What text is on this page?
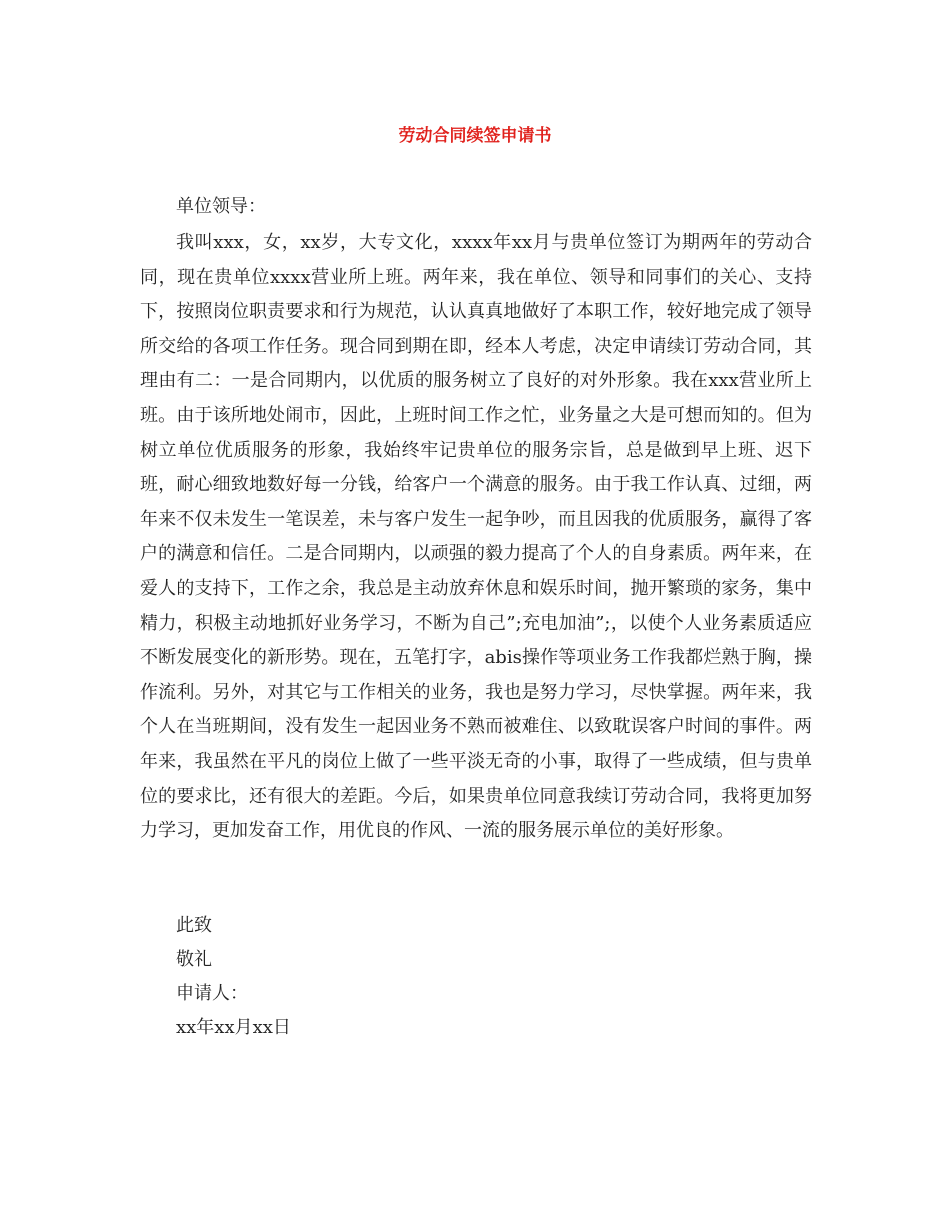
劳动合同续签申请书

单位领导：

我叫xxx，女，xx岁，大专文化，xxxx年xx月与贵单位签订为期两年的劳动合同，现在贵单位xxxx营业所上班。两年来，我在单位、领导和同事们的关心、支持下，按照岗位职责要求和行为规范，认认真真地做好了本职工作，较好地完成了领导所交给的各项工作任务。现合同到期在即，经本人考虑，决定申请续订劳动合同，其理由有二：一是合同期内，以优质的服务树立了良好的对外形象。我在xxx营业所上班。由于该所地处闹市，因此，上班时间工作之忙，业务量之大是可想而知的。但为树立单位优质服务的形象，我始终牢记贵单位的服务宗旨，总是做到早上班、迟下班，耐心细致地数好每一分钱，给客户一个满意的服务。由于我工作认真、过细，两年来不仅未发生一笔误差，未与客户发生一起争吵，而且因我的优质服务，赢得了客户的满意和信任。二是合同期内，以顽强的毅力提高了个人的自身素质。两年来，在爱人的支持下，工作之余，我总是主动放弃休息和娱乐时间，抛开繁琐的家务，集中精力，积极主动地抓好业务学习，不断为自己”;充电加油”;，以使个人业务素质适应不断发展变化的新形势。现在，五笔打字，abis操作等项业务工作我都烂熟于胸，操作流利。另外，对其它与工作相关的业务，我也是努力学习，尽快掌握。两年来，我个人在当班期间，没有发生一起因业务不熟而被难住、以致耽误客户时间的事件。两年来，我虽然在平凡的岗位上做了一些平淡无奇的小事，取得了一些成绩，但与贵单位的要求比，还有很大的差距。今后，如果贵单位同意我续订劳动合同，我将更加努力学习，更加发奋工作，用优良的作风、一流的服务展示单位的美好形象。

此致

敬礼

申请人：

xx年xx月xx日
